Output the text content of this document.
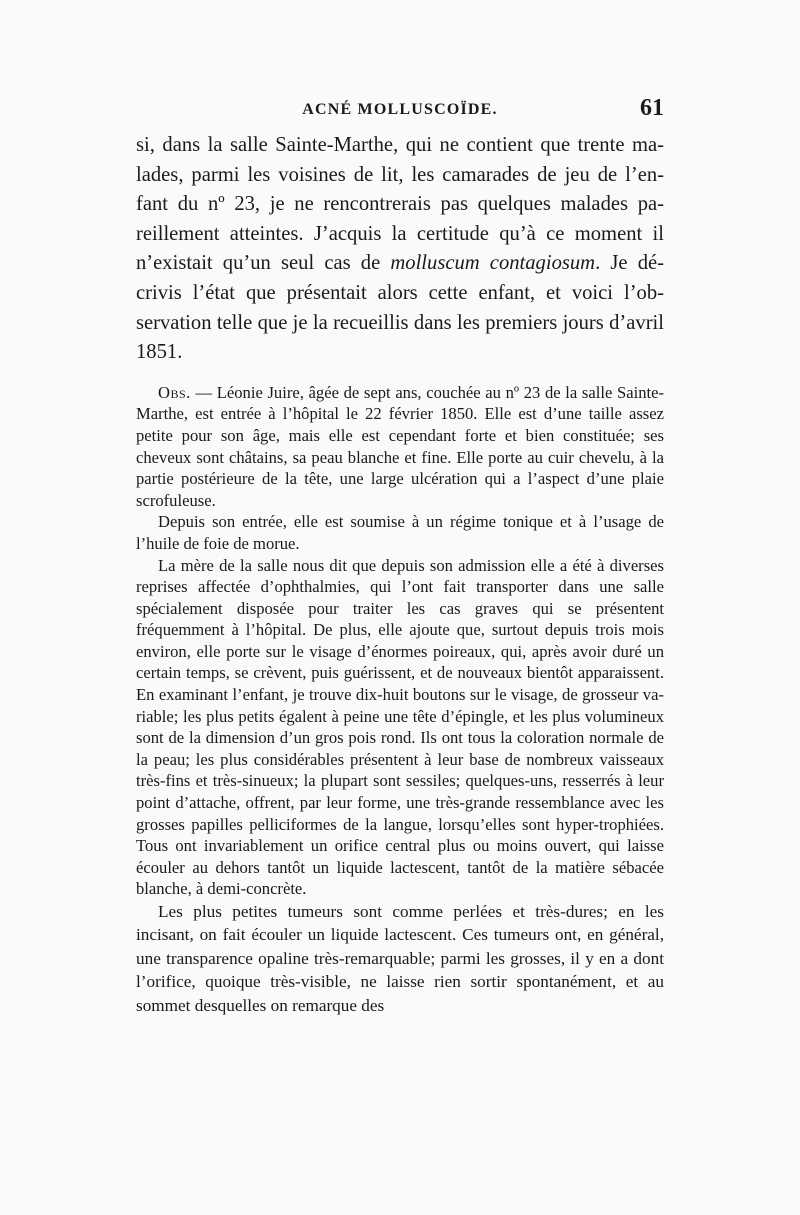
ACNÉ MOLLUSCOÏDE.	61

si, dans la salle Sainte-Marthe, qui ne contient que trente ma-lades, parmi les voisines de lit, les camarades de jeu de l’en-fant du nº 23, je ne rencontrerais pas quelques malades pa-reillement atteintes. J’acquis la certitude qu’à ce moment il n’existait qu’un seul cas de molluscum contagiosum. Je dé-crivis l’état que présentait alors cette enfant, et voici l’ob-servation telle que je la recueillis dans les premiers jours d’avril 1851.

Obs. — Léonie Juire, âgée de sept ans, couchée au nº 23 de la salle Sainte-Marthe, est entrée à l’hôpital le 22 février 1850. Elle est d’une taille assez petite pour son âge, mais elle est cependant forte et bien constituée; ses cheveux sont châtains, sa peau blanche et fine. Elle porte au cuir chevelu, à la partie postérieure de la tête, une large ulcération qui a l’aspect d’une plaie scrofuleuse.

Depuis son entrée, elle est soumise à un régime tonique et à l’usage de l’huile de foie de morue.

La mère de la salle nous dit que depuis son admission elle a été à diverses reprises affectée d’ophthalmies, qui l’ont fait transporter dans une salle spécialement disposée pour traiter les cas graves qui se présentent fréquemment à l’hôpital. De plus, elle ajoute que, surtout depuis trois mois environ, elle porte sur le visage d’énormes poireaux, qui, après avoir duré un certain temps, se crèvent, puis guérissent, et de nouveaux bientôt apparaissent. En examinant l’enfant, je trouve dix-huit boutons sur le visage, de grosseur va-riable; les plus petits égalent à peine une tête d’épingle, et les plus volumineux sont de la dimension d’un gros pois rond. Ils ont tous la coloration normale de la peau; les plus considérables présentent à leur base de nombreux vaisseaux très-fins et très-sinueux; la plupart sont sessiles; quelques-uns, resserrés à leur point d’attache, offrent, par leur forme, une très-grande ressemblance avec les grosses papilles pelliciformes de la langue, lorsqu’elles sont hyper-trophiées. Tous ont invariablement un orifice central plus ou moins ouvert, qui laisse écouler au dehors tantôt un liquide lactescent, tantôt de la matière sébacée blanche, à demi-concrète.

Les plus petites tumeurs sont comme perlées et très-dures; en les incisant, on fait écouler un liquide lactescent. Ces tumeurs ont, en général, une transparence opaline très-remarquable; parmi les grosses, il y en a dont l’orifice, quoique très-visible, ne laisse rien sortir spontanément, et au sommet desquelles on remarque des
